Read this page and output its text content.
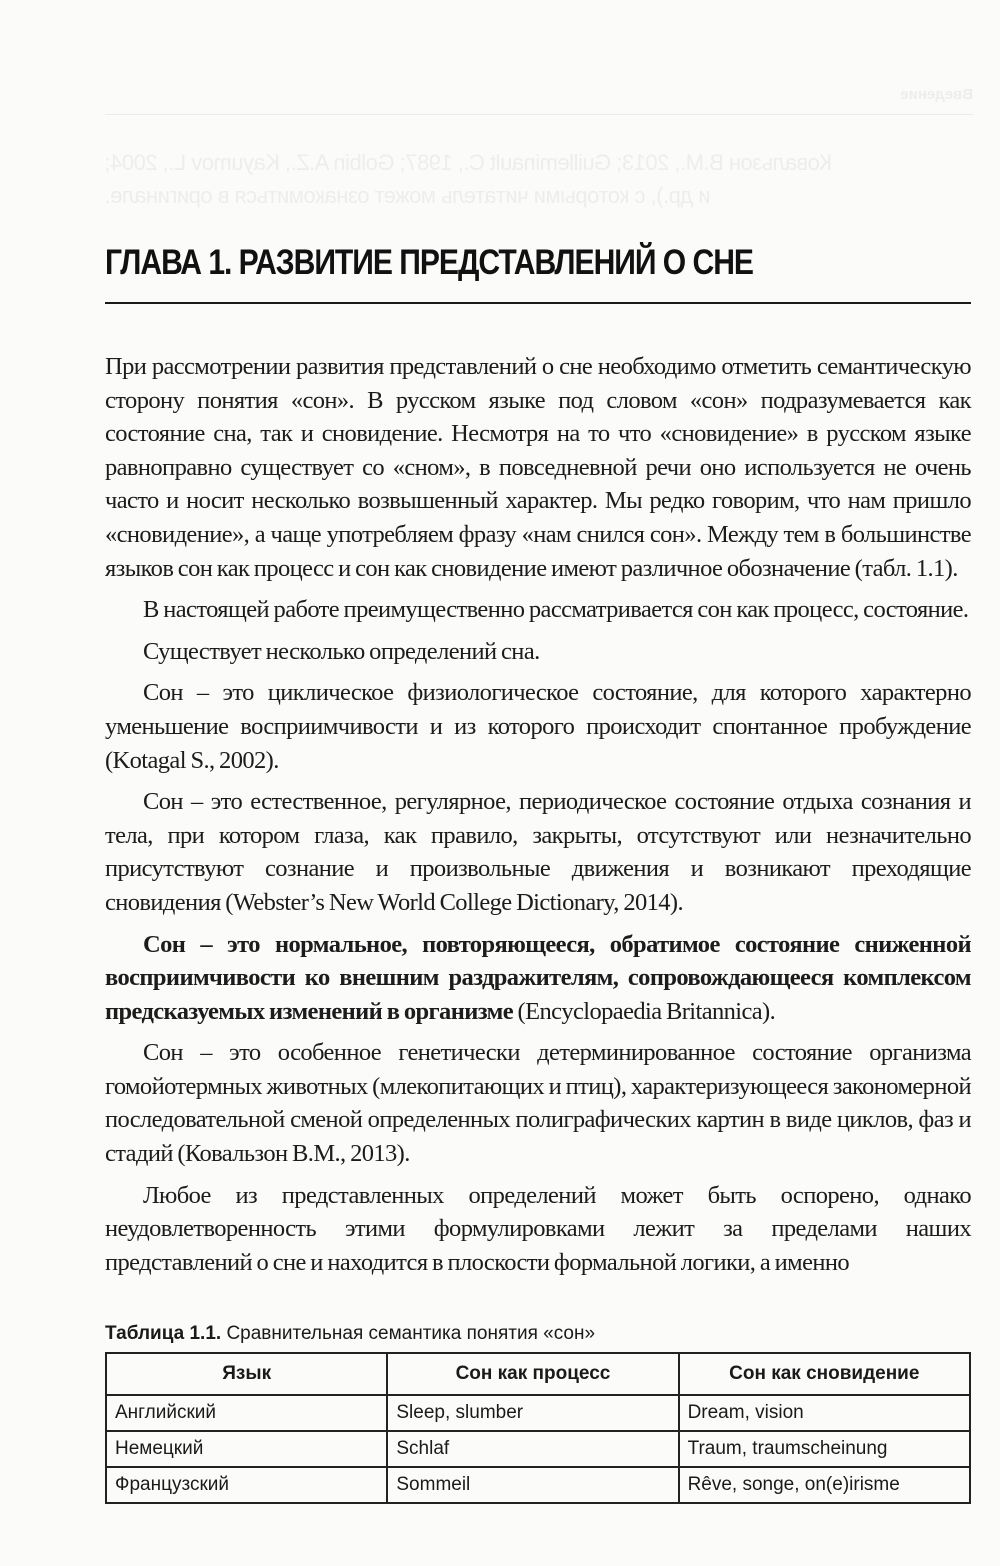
Введение
Ковальзон В.М., 2013; Guilleminault C., 1987; Golbin A.Z., Kayumov L., 2004;
и др.), с которыми читатель может ознакомиться в оригинале.
ГЛАВА 1. РАЗВИТИЕ ПРЕДСТАВЛЕНИЙ О СНЕ

При рассмотрении развития представлений о сне необходимо отметить семантическую сторону понятия «сон». В русском языке под словом «сон» подразумевается как состояние сна, так и сновидение. Несмотря на то что «сновидение» в русском языке равноправно существует со «сном», в повседневной речи оно используется не очень часто и носит несколько возвышенный характер. Мы редко говорим, что нам пришло «сновидение», а чаще употребляем фразу «нам снился сон». Между тем в большинстве языков сон как процесс и сон как сновидение имеют различное обозначение (табл. 1.1).

В настоящей работе преимущественно рассматривается сон как процесс, состояние.

Существует несколько определений сна.

Сон – это циклическое физиологическое состояние, для которого характерно уменьшение восприимчивости и из которого происходит спонтанное пробуждение (Kotagal S., 2002).

Сон – это естественное, регулярное, периодическое состояние отдыха сознания и тела, при котором глаза, как правило, закрыты, отсутствуют или незначительно присутствуют сознание и произвольные движения и возникают преходящие сновидения (Webster’s New World College Dictionary, 2014).

Сон – это нормальное, повторяющееся, обратимое состояние сниженной восприимчивости ко внешним раздражителям, сопровождающееся комплексом предсказуемых изменений в организме (Encyclopaedia Britannica).

Сон – это особенное генетически детерминированное состояние организма гомойотермных животных (млекопитающих и птиц), характеризующееся закономерной последовательной сменой определенных полиграфических картин в виде циклов, фаз и стадий (Ковальзон В.М., 2013).

Любое из представленных определений может быть оспорено, однако неудовлетворенность этими формулировками лежит за пределами наших представлений о сне и находится в плоскости формальной логики, а именно

Таблица 1.1. Сравнительная семантика понятия «сон»
Язык	Сон как процесс	Сон как сновидение
Английский	Sleep, slumber	Dream, vision
Немецкий	Schlaf	Traum, traumscheinung
Французский	Sommeil	Rêve, songe, on(e)irisme
